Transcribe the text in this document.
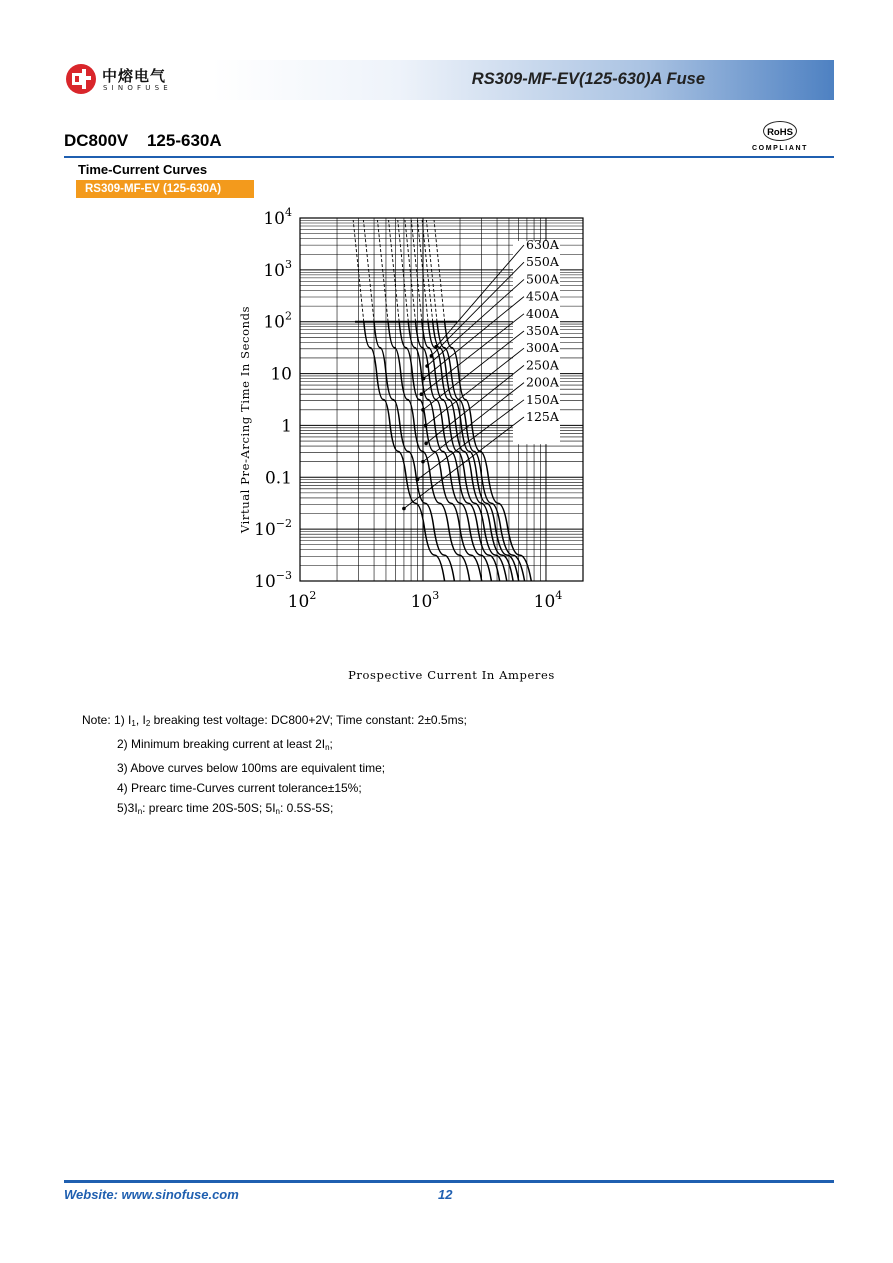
中熔电气
SINOFUSE	RS309-MF-EV(125-630)A Fuse
DC800V 125-630A	RoHS
COMPLIANT
Time-Current Curves
RS309-MF-EV (125-630A)
630A
550A
500A
450A
400A
350A
300A
250A
200A
150A
125A
$10^4$
$10^3$
$10^2$
10
1
0.1
$10^{-2}$
$10^{-3}$
$10^2$	$10^3$	$10^4$
Virtual Pre-Arcing Time In Seconds
Prospective Current In Amperes
Note: 1) $I_1$, $I_2$ breaking test voltage: DC800+2V; Time constant: 2±0.5ms;
2) Minimum breaking current at least $2I_n$;
3) Above curves below 100ms are equivalent time;
4) Prearc time-Curves current tolerance±15%;
$5)3I_n$: prearc time 20S-50S; $5I_n$: 0.5S-5S;
Website: www.sinofuse.com	12
